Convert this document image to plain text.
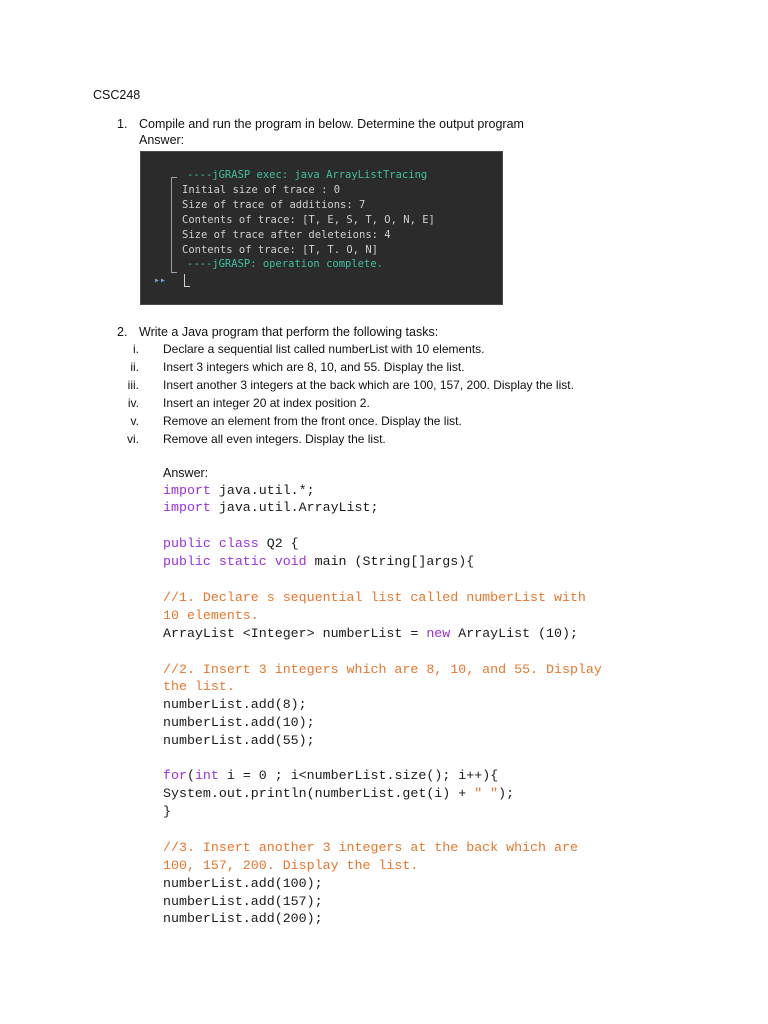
CSC248
1. Compile and run the program in below. Determine the output program
Answer:
----jGRASP exec: java ArrayListTracing
Initial size of trace : 0
Size of trace of additions: 7
Contents of trace: [T, E, S, T, O, N, E]
Size of trace after deleteions: 4
Contents of trace: [T, T. O, N]
----jGRASP: operation complete.
▸▸
2. Write a Java program that perform the following tasks:
i. Declare a sequential list called numberList with 10 elements.
ii. Insert 3 integers which are 8, 10, and 55. Display the list.
iii. Insert another 3 integers at the back which are 100, 157, 200. Display the list.
iv. Insert an integer 20 at index position 2.
v. Remove an element from the front once. Display the list.
vi. Remove all even integers. Display the list.
Answer:
import java.util.*;
import java.util.ArrayList;
public class Q2 {
public static void main (String[]args){
//1. Declare s sequential list called numberList with
10 elements.
ArrayList <Integer> numberList = new ArrayList (10);
//2. Insert 3 integers which are 8, 10, and 55. Display
the list.
numberList.add(8);
numberList.add(10);
numberList.add(55);
for(int i = 0 ; i<numberList.size(); i++){
System.out.println(numberList.get(i) + " ");
}
//3. Insert another 3 integers at the back which are
100, 157, 200. Display the list.
numberList.add(100);
numberList.add(157);
numberList.add(200);
